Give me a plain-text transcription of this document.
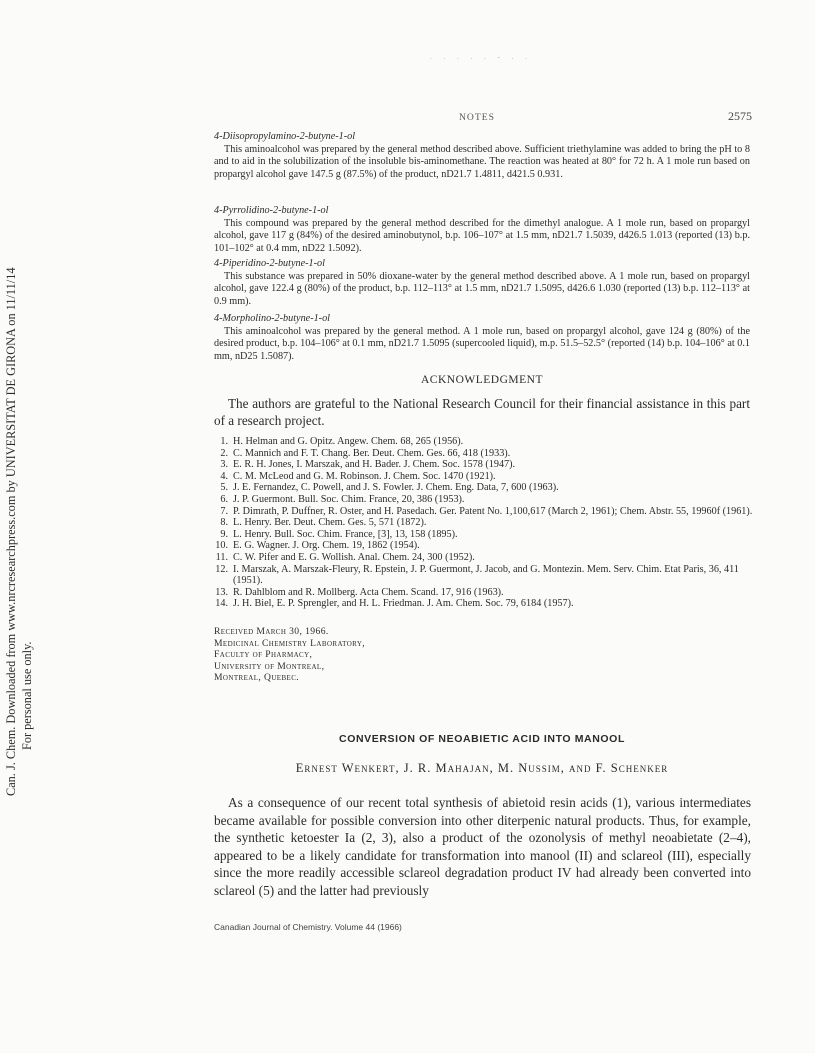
Can. J. Chem. Downloaded from www.nrcresearchpress.com by UNIVERSITAT DE GIRONA on 11/11/14 For personal use only.
. . . . . - . .
NOTES	2575
4-Diisopropylamino-2-butyne-1-ol
This aminoalcohol was prepared by the general method described above. Sufficient triethylamine was added to bring the pH to 8 and to aid in the solubilization of the insoluble bis-aminomethane. The reaction was heated at 80° for 72 h. A 1 mole run based on propargyl alcohol gave 147.5 g (87.5%) of the product, nD21.7 1.4811, d421.5 0.931.
4-Pyrrolidino-2-butyne-1-ol
This compound was prepared by the general method described for the dimethyl analogue. A 1 mole run, based on propargyl alcohol, gave 117 g (84%) of the desired aminobutynol, b.p. 106–107° at 1.5 mm, nD21.7 1.5039, d426.5 1.013 (reported (13) b.p. 101–102° at 0.4 mm, nD22 1.5092).
4-Piperidino-2-butyne-1-ol
This substance was prepared in 50% dioxane-water by the general method described above. A 1 mole run, based on propargyl alcohol, gave 122.4 g (80%) of the product, b.p. 112–113° at 1.5 mm, nD21.7 1.5095, d426.6 1.030 (reported (13) b.p. 112–113° at 0.9 mm).
4-Morpholino-2-butyne-1-ol
This aminoalcohol was prepared by the general method. A 1 mole run, based on propargyl alcohol, gave 124 g (80%) of the desired product, b.p. 104–106° at 0.1 mm, nD21.7 1.5095 (supercooled liquid), m.p. 51.5–52.5° (reported (14) b.p. 104–106° at 0.1 mm, nD25 1.5087).
ACKNOWLEDGMENT
The authors are grateful to the National Research Council for their financial assistance in this part of a research project.
1. H. Helman and G. Opitz. Angew. Chem. 68, 265 (1956).
2. C. Mannich and F. T. Chang. Ber. Deut. Chem. Ges. 66, 418 (1933).
3. E. R. H. Jones, I. Marszak, and H. Bader. J. Chem. Soc. 1578 (1947).
4. C. M. McLeod and G. M. Robinson. J. Chem. Soc. 1470 (1921).
5. J. E. Fernandez, C. Powell, and J. S. Fowler. J. Chem. Eng. Data, 7, 600 (1963).
6. J. P. Guermont. Bull. Soc. Chim. France, 20, 386 (1953).
7. P. Dimrath, P. Duffner, R. Oster, and H. Pasedach. Ger. Patent No. 1,100,617 (March 2, 1961); Chem. Abstr. 55, 19960f (1961).
8. L. Henry. Ber. Deut. Chem. Ges. 5, 571 (1872).
9. L. Henry. Bull. Soc. Chim. France, [3], 13, 158 (1895).
10. E. G. Wagner. J. Org. Chem. 19, 1862 (1954).
11. C. W. Pifer and E. G. Wollish. Anal. Chem. 24, 300 (1952).
12. I. Marszak, A. Marszak-Fleury, R. Epstein, J. P. Guermont, J. Jacob, and G. Montezin. Mem. Serv. Chim. Etat Paris, 36, 411 (1951).
13. R. Dahlblom and R. Mollberg. Acta Chem. Scand. 17, 916 (1963).
14. J. H. Biel, E. P. Sprengler, and H. L. Friedman. J. Am. Chem. Soc. 79, 6184 (1957).
Received March 30, 1966.
Medicinal Chemistry Laboratory,
Faculty of Pharmacy,
University of Montreal,
Montreal, Quebec.
CONVERSION OF NEOABIETIC ACID INTO MANOOL
Ernest Wenkert, J. R. Mahajan, M. Nussim, and F. Schenker
As a consequence of our recent total synthesis of abietoid resin acids (1), various intermediates became available for possible conversion into other diterpenic natural products. Thus, for example, the synthetic ketoester Ia (2, 3), also a product of the ozonolysis of methyl neoabietate (2–4), appeared to be a likely candidate for transformation into manool (II) and sclareol (III), especially since the more readily accessible sclareol degradation product IV had already been converted into sclareol (5) and the latter had previously
Canadian Journal of Chemistry. Volume 44 (1966)
